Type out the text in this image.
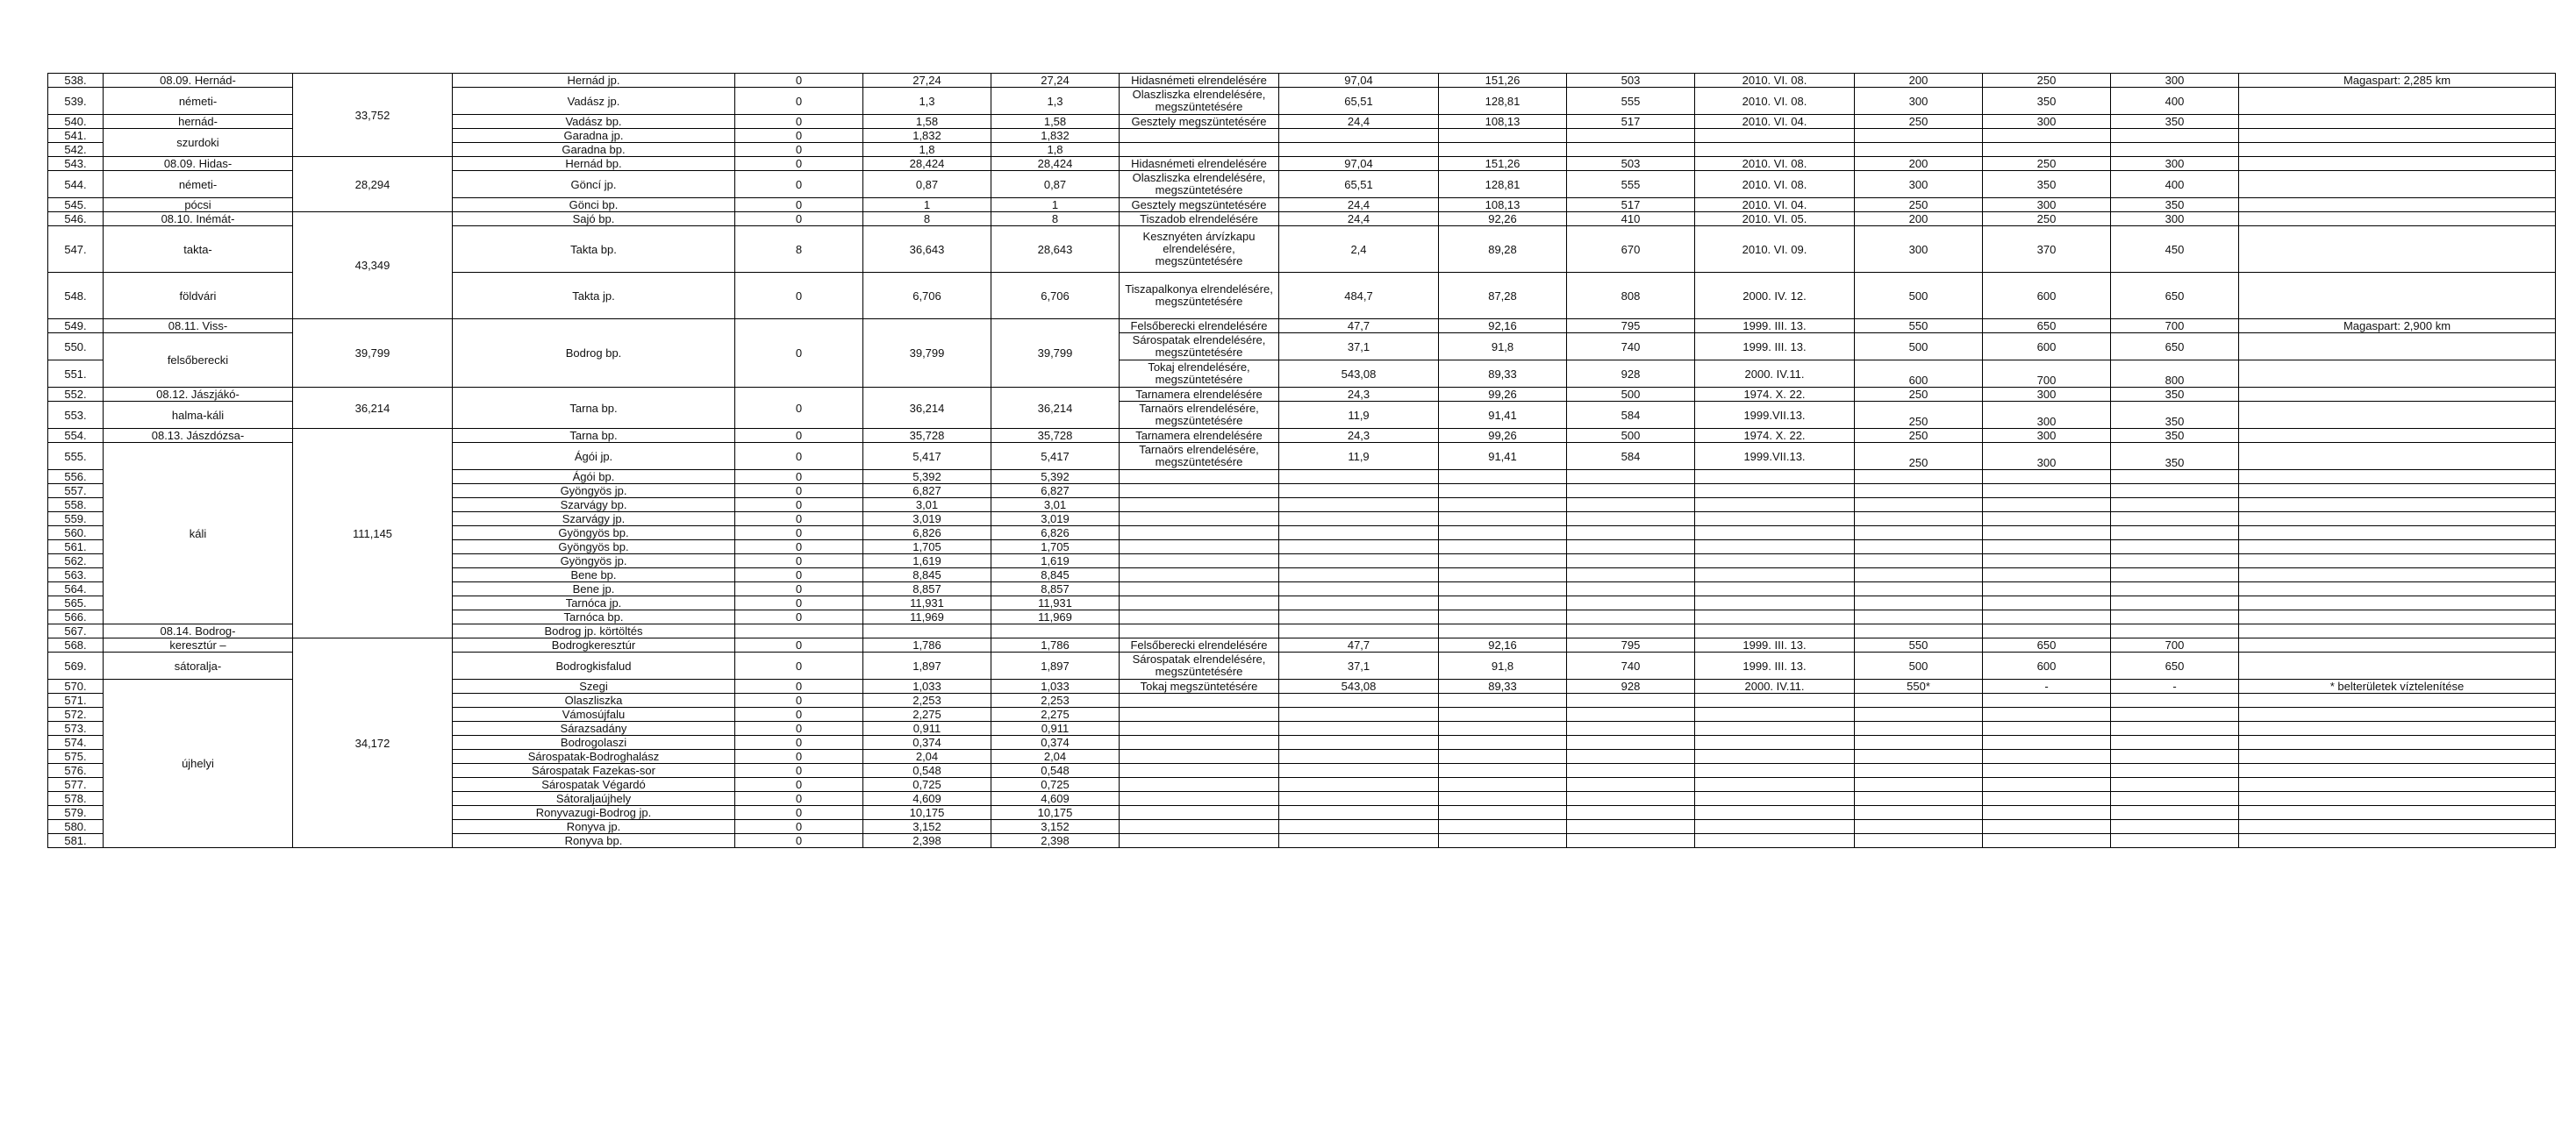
538.	08.09. Hernád-	33,752	Hernád jp.	0	27,24	27,24	Hidasnémeti elrendelésére	97,04	151,26	503	2010. VI. 08.	200	250	300	Magaspart: 2,285 km
539.	németi-		Vadász jp.	0	1,3	1,3	Olaszliszka elrendelésére, megszüntetésére	65,51	128,81	555	2010. VI. 08.	300	350	400	
540.	hernád-		Vadász bp.	0	1,58	1,58	Gesztely megszüntetésére	24,4	108,13	517	2010. VI. 04.	250	300	350	
541.	szurdoki		Garadna jp.	0	1,832	1,832									
542.			Garadna bp.	0	1,8	1,8									
543.	08.09. Hidas-	28,294	Hernád bp.	0	28,424	28,424	Hidasnémeti elrendelésére	97,04	151,26	503	2010. VI. 08.	200	250	300	
544.	németi-		Göncí jp.	0	0,87	0,87	Olaszliszka elrendelésére, megszüntetésére	65,51	128,81	555	2010. VI. 08.	300	350	400	
545.	pócsi		Gönci bp.	0	1	1	Gesztely megszüntetésére	24,4	108,13	517	2010. VI. 04.	250	300	350	
546.	08.10. Inémát-	43,349	Sajó bp.	0	8	8	Tiszadob elrendelésére	24,4	92,26	410	2010. VI. 05.	200	250	300	
547.	takta-		Takta bp.	8	36,643	28,643	Kesznyéten árvízkapu elrendelésére, megszüntetésére	2,4	89,28	670	2010. VI. 09.	300	370	450	
548.	földvári		Takta jp.	0	6,706	6,706	Tiszapalkonya elrendelésére, megszüntetésére	484,7	87,28	808	2000. IV. 12.	500	600	650	
549.	08.11. Viss-	39,799	Bodrog bp.	0	39,799	39,799	Felsőberecki elrendelésére	47,7	92,16	795	1999. III. 13.	550	650	700	Magaspart: 2,900 km
550.	felsőberecki						Sárospatak elrendelésére, megszüntetésére	37,1	91,8	740	1999. III. 13.	500	600	650	
551.							Tokaj elrendelésére, megszüntetésére	543,08	89,33	928	2000. IV.11.	600	700	800	
552.	08.12. Jászjákó-	36,214	Tarna bp.	0	36,214	36,214	Tarnamera elrendelésére	24,3	99,26	500	1974. X. 22.	250	300	350	
553.	halma-káli						Tarnaörs elrendelésére, megszüntetésére	11,9	91,41	584	1999.VII.13.	250	300	350	
554.	08.13. Jászdózsa-	111,145	Tarna bp.	0	35,728	35,728	Tarnamera elrendelésére	24,3	99,26	500	1974. X. 22.	250	300	350	
555.	káli		Ágói jp.	0	5,417	5,417	Tarnaörs elrendelésére, megszüntetésére	11,9	91,41	584	1999.VII.13.	250	300	350	
556.			Ágói bp.	0	5,392	5,392									
557.			Gyöngyös jp.	0	6,827	6,827									
558.			Szarvágy bp.	0	3,01	3,01									
559.			Szarvágy jp.	0	3,019	3,019									
560.			Gyöngyös bp.	0	6,826	6,826									
561.			Gyöngyös bp.	0	1,705	1,705									
562.			Gyöngyös jp.	0	1,619	1,619									
563.			Bene bp.	0	8,845	8,845									
564.			Bene jp.	0	8,857	8,857									
565.			Tarnóca jp.	0	11,931	11,931									
566.			Tarnóca bp.	0	11,969	11,969									
567.	08.14. Bodrog-		Bodrog jp. körtöltés												
568.	keresztúr –	34,172	Bodrogkeresztúr	0	1,786	1,786	Felsőberecki elrendelésére	47,7	92,16	795	1999. III. 13.	550	650	700	
569.	sátoralja-		Bodrogkisfalud	0	1,897	1,897	Sárospatak elrendelésére, megszüntetésére	37,1	91,8	740	1999. III. 13.	500	600	650	
570.	újhelyi		Szegi	0	1,033	1,033	Tokaj megszüntetésére	543,08	89,33	928	2000. IV.11.	550*	-	-	* belterületek víztelenítése
571.			Olaszliszka	0	2,253	2,253									
572.			Vámosújfalu	0	2,275	2,275									
573.			Sárazsadány	0	0,911	0,911									
574.			Bodrogolaszi	0	0,374	0,374									
575.			Sárospatak-Bodroghalász	0	2,04	2,04									
576.			Sárospatak Fazekas-sor	0	0,548	0,548									
577.			Sárospatak Végardó	0	0,725	0,725									
578.			Sátoraljaújhely	0	4,609	4,609									
579.			Ronyvazugi-Bodrog jp.	0	10,175	10,175									
580.			Ronyva jp.	0	3,152	3,152									
581.			Ronyva bp.	0	2,398	2,398									
